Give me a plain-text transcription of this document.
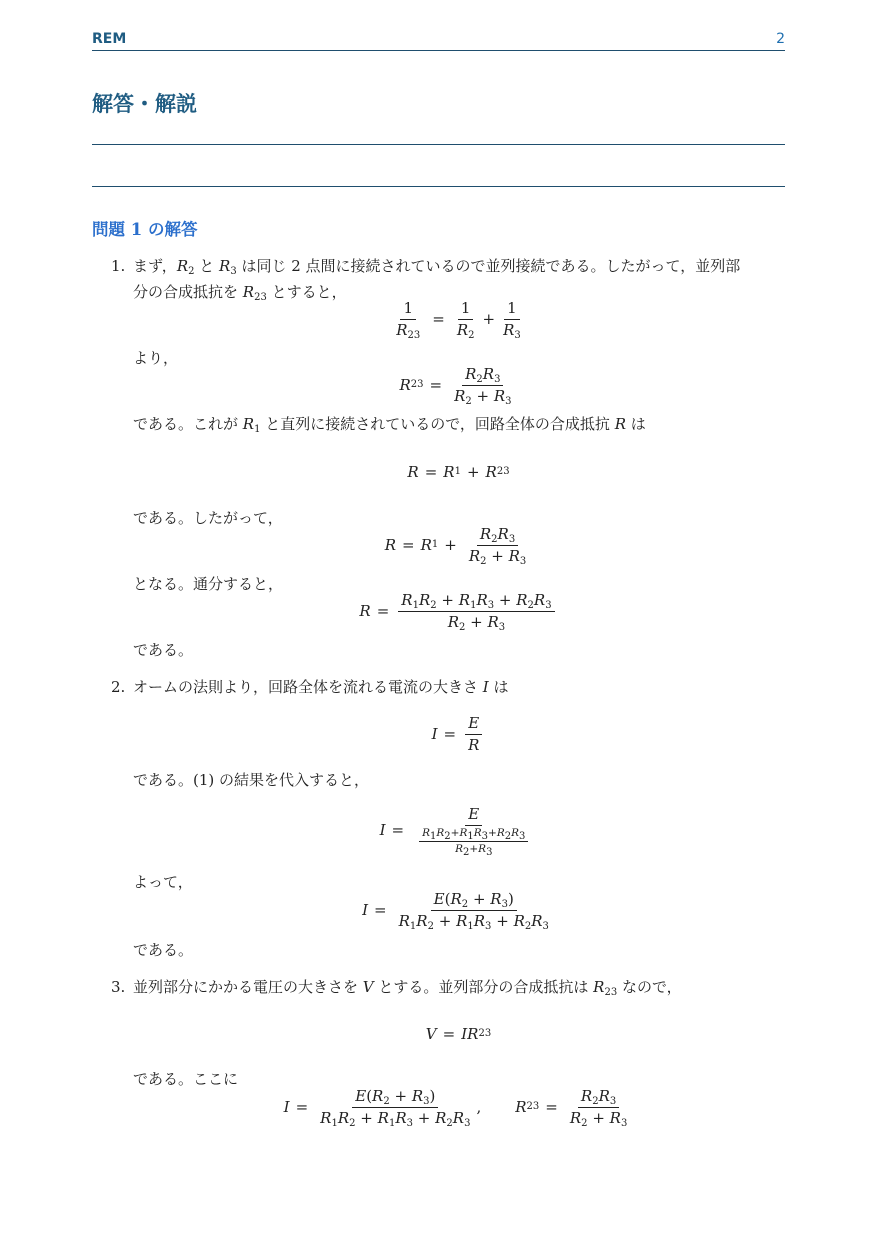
REM	2
解答・解説
問題 1 の解答
1. まず，$R_2$ と $R_3$ は同じ 2 点間に接続されているので並列接続である。したがって，並列部
分の合成抵抗を $R_{23}$ とすると，
$\frac{1}{R_{23}} = \frac{1}{R_2} + \frac{1}{R_3}$
より，
R $23 = \frac{R_2R_3}{R_2 + R_3}$
である。これが $R_1$ と直列に接続されているので，回路全体の合成抵抗 R は
R = R 1 + R 23
である。したがって，
R = R $1 + \frac{R_2R_3}{R_2 + R_3}$
となる。通分すると，
$R = \frac{R_1R_2 + R_1R_3 + R_2R_3}{R_2 + R_3}$
である。
2. オームの法則より，回路全体を流れる電流の大きさ I は
$I = \frac{E}{R}$
である。(1) の結果を代入すると，
$I = \frac{E}{\frac{R_1R_2+R_1R_3+R_2R_3}{R_2+R_3}}$
よって，
$I = \frac{E(R_2 + R_3)}{R_1R_2 + R_1R_3 + R_2R_3}$
である。
3. 並列部分にかかる電圧の大きさを V とする。並列部分の合成抵抗は $R_{23}$ なので，
V = I R 23
である。ここに
$I = \frac{E(R_2 + R_3)}{R_1R_2 + R_1R_3 + R_2R_3}$ , R $23 = \frac{R_2R_3}{R_2 + R_3}$
